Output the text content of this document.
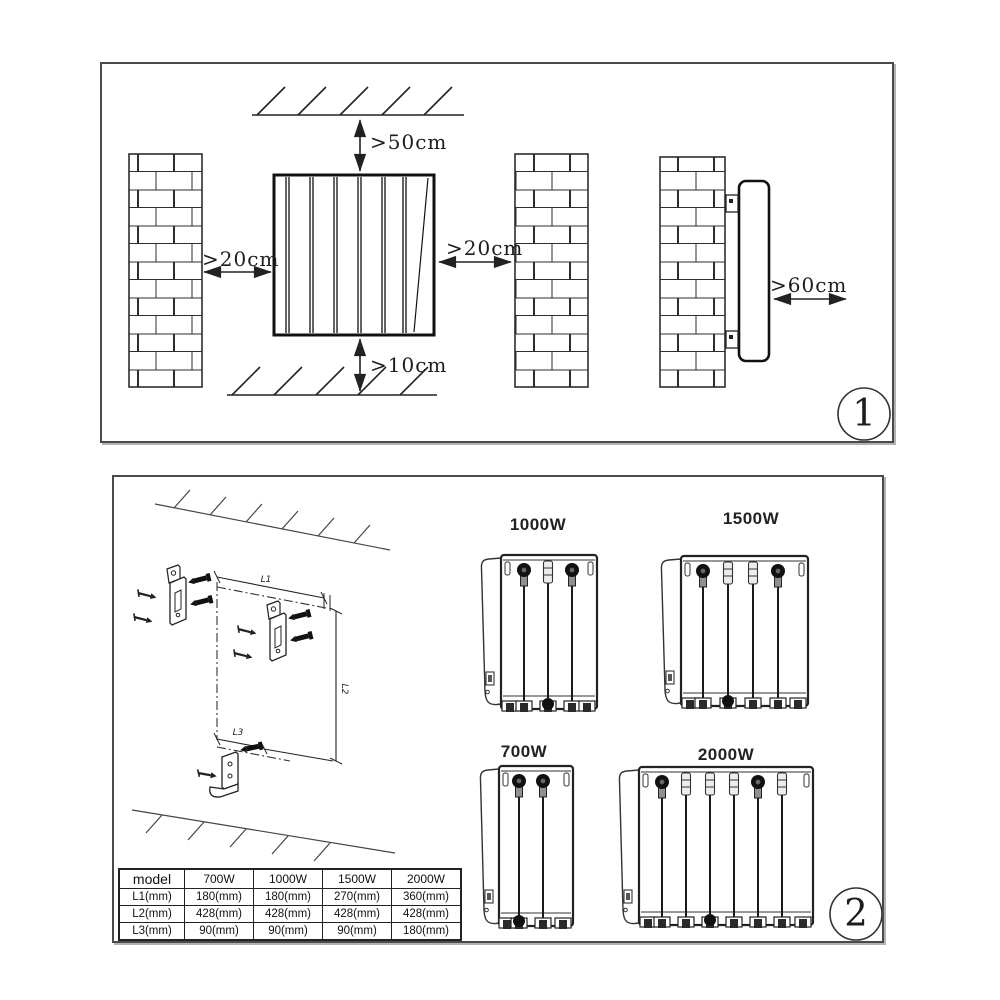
>50cm
>20cm	>20cm
>10cm
>60cm
1
L1
L2
L3
1000W	1500W
700W	2000W
2
model	700W	1000W	1500W	2000W
L1(mm)	180(mm)	180(mm)	270(mm)	360(mm)
L2(mm)	428(mm)	428(mm)	428(mm)	428(mm)
L3(mm)	90(mm)	90(mm)	90(mm)	180(mm)
